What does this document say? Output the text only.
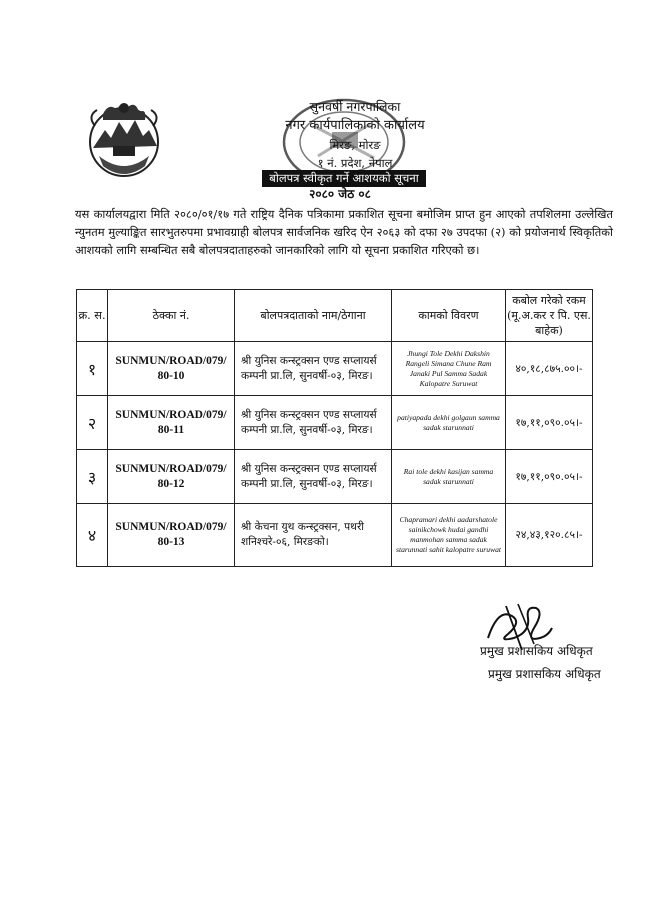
सुनवर्षी नगरपालिका
नगर कार्यपालिकाको कार्यालय
मिरङ, मोरङ
१ नं. प्रदेश, नेपाल
बोलपत्र स्वीकृत गर्ने आशयको सूचना
२०८० जेठ ०८
यस कार्यालयद्वारा मिति २०८०/०१/१७ गते राष्ट्रिय दैनिक पत्रिकामा प्रकाशित सूचना बमोजिम प्राप्त हुन आएको तपशिलमा उल्लेखित न्युनतम मुल्याङ्कित सारभुतरुपमा प्रभावग्राही बोलपत्र सार्वजनिक खरिद ऐन २०६३ को दफा २७ उपदफा (२) को प्रयोजनार्थ स्विकृतिको आशयको लागि सम्बन्धित सबै बोलपत्रदाताहरुको जानकारिको लागि यो सूचना प्रकाशित गरिएको छ।
क्र. स.	ठेक्का नं.	बोलपत्रदाताको नाम/ठेगाना	कामको विवरण	कबोल गरेको रकम (मू.अ.कर र पि. एस. बाहेक)
१	SUNMUN/ROAD/079/ 80-10	श्री युनिस कन्स्ट्रक्सन एण्ड सप्लायर्स कम्पनी प्रा.लि, सुनवर्षी-०३, मिरङ।	Jhungi Tole Dekhi Dakshin Rangeli Simana Chune Ram Janaki Pul Samma Sadak Kalopatre Suruwat	४०,१८,८७५.००।-
२	SUNMUN/ROAD/079/ 80-11	श्री युनिस कन्स्ट्रक्सन एण्ड सप्लायर्स कम्पनी प्रा.लि, सुनवर्षी-०३, मिरङ।	patiyapada dekhi golgaun samma sadak starunnati	१७,११,०९०.०५।-
३	SUNMUN/ROAD/079/ 80-12	श्री युनिस कन्स्ट्रक्सन एण्ड सप्लायर्स कम्पनी प्रा.लि, सुनवर्षी-०३, मिरङ।	Rai tole dekhi kasijan samma sadak starunnati	१७,११,०९०.०५।-
४	SUNMUN/ROAD/079/ 80-13	श्री केचना युथ कन्स्ट्रक्सन, पथरी शनिश्चरे-०६, मिरङको।	Chapramari dekhi aadarshatole sainikchowk hudai gandhi manmohan samma sadak starunnati sahit kalopatre suruwat	२४,४३,१२०.८५।-
प्रमुख प्रशासकिय अधिकृत
प्रमुख प्रशासकिय अधिकृत
